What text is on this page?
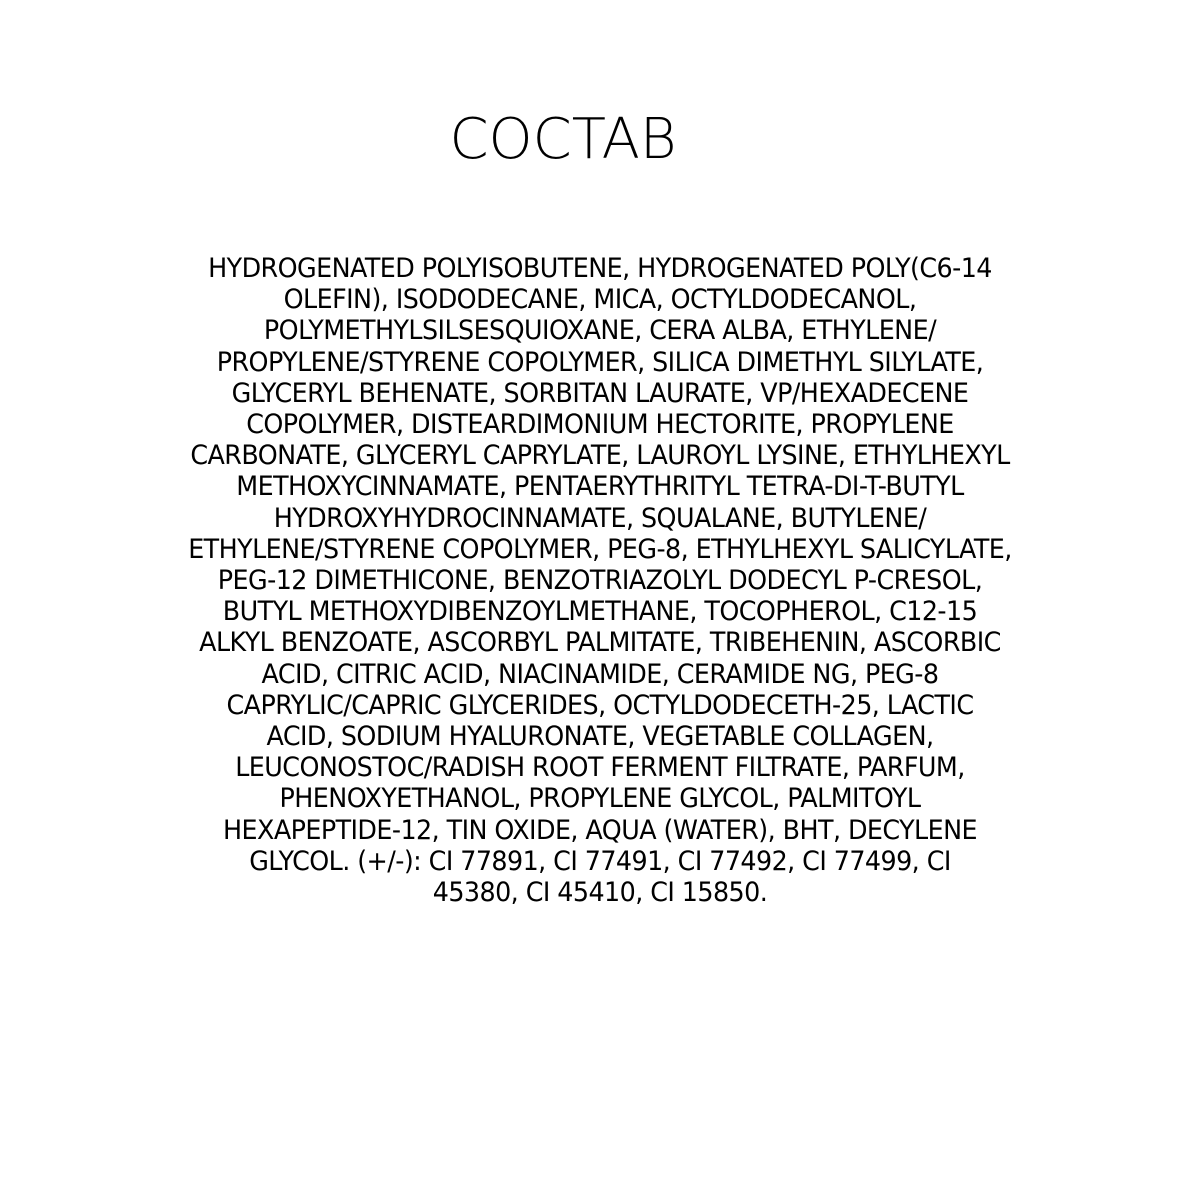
COCTAB
HYDROGENATED POLYISOBUTENE, HYDROGENATED POLY(C6-14
OLEFIN), ISODODECANE, MICA, OCTYLDODECANOL,
POLYMETHYLSILSESQUIOXANE, CERA ALBA, ETHYLENE/
PROPYLENE/STYRENE COPOLYMER, SILICA DIMETHYL SILYLATE,
GLYCERYL BEHENATE, SORBITAN LAURATE, VP/HEXADECENE
COPOLYMER, DISTEARDIMONIUM HECTORITE, PROPYLENE
CARBONATE, GLYCERYL CAPRYLATE, LAUROYL LYSINE, ETHYLHEXYL
METHOXYCINNAMATE, PENTAERYTHRITYL TETRA-DI-T-BUTYL
HYDROXYHYDROCINNAMATE, SQUALANE, BUTYLENE/
ETHYLENE/STYRENE COPOLYMER, PEG-8, ETHYLHEXYL SALICYLATE,
PEG-12 DIMETHICONE, BENZOTRIAZOLYL DODECYL P-CRESOL,
BUTYL METHOXYDIBENZOYLMETHANE, TOCOPHEROL, C12-15
ALKYL BENZOATE, ASCORBYL PALMITATE, TRIBEHENIN, ASCORBIC
ACID, CITRIC ACID, NIACINAMIDE, CERAMIDE NG, PEG-8
CAPRYLIC/CAPRIC GLYCERIDES, OCTYLDODECETH-25, LACTIC
ACID, SODIUM HYALURONATE, VEGETABLE COLLAGEN,
LEUCONOSTOC/RADISH ROOT FERMENT FILTRATE, PARFUM,
PHENOXYETHANOL, PROPYLENE GLYCOL, PALMITOYL
HEXAPEPTIDE-12, TIN OXIDE, AQUA (WATER), BHT, DECYLENE
GLYCOL. (+/-): CI 77891, CI 77491, CI 77492, CI 77499, CI
45380, CI 45410, CI 15850.
